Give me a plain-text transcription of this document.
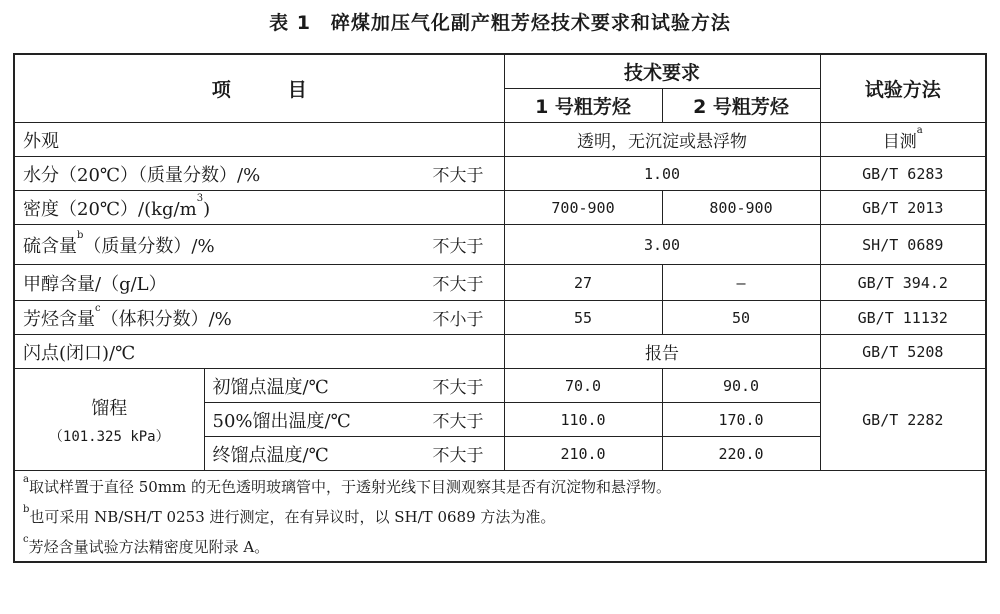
表 1　碎煤加压气化副产粗芳烃技术要求和试验方法
项　　　目		技术要求		试验方法
		1 号粗芳烃	2 号粗芳烃	
外观		透明，无沉淀或悬浮物		目测$^a$

水分（20℃）（质量分数）/% 不大于		1.00		GB/T 6283
密度$(20℃)/(kg/m^3)$		700-900	800-900	GB/T 2013

硫含量$^b$（质量分数）/% 不大于		3.00		SH/T 0689

甲醇含量/（g/L） 不大于		27	—	GB/T 394.2

芳烃含量$^c$（体积分数）/% 不小于		55	50	GB/T 11132
闪点(闭口)/℃		报告		GB/T 5208
馏程
（101.325 kPa）	初馏点温度/℃ 不大于	70.0	90.0	GB/T 2282

	50%馏出温度/℃ 不大于	110.0	170.0	

	终馏点温度/℃ 不大于	210.0	220.0	
$^a$取试样置于直径 50mm 的无色透明玻璃管中，于透射光线下目测观察其是否有沉淀物和悬浮物。				
$^b$也可采用 NB/SH/T 0253 进行测定，在有异议时，以 SH/T 0689 方法为准。				
$^c$芳烃含量试验方法精密度见附录 A。				
